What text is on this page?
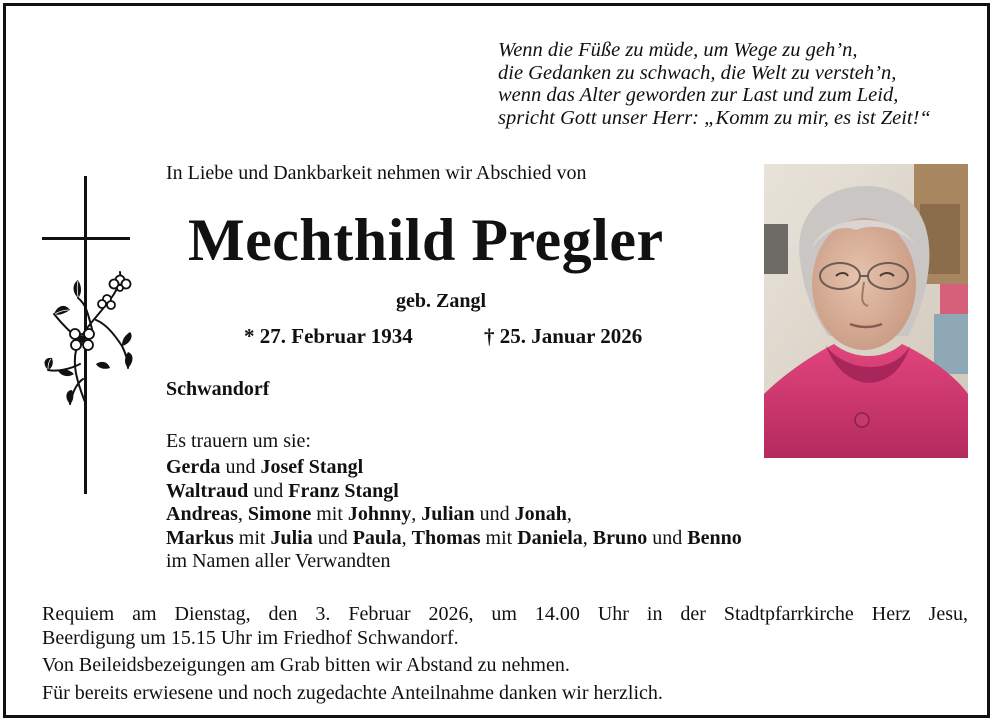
Wenn die Füße zu müde, um Wege zu geh’n,
die Gedanken zu schwach, die Welt zu versteh’n,
wenn das Alter geworden zur Last und zum Leid,
spricht Gott unser Herr: „Komm zu mir, es ist Zeit!“
In Liebe und Dankbarkeit nehmen wir Abschied von
Mechthild Pregler
geb. Zangl
* 27. Februar 1934	† 25. Januar 2026
Schwandorf
Es trauern um sie:
Gerda und Josef Stangl
Waltraud und Franz Stangl
Andreas, Simone mit Johnny, Julian und Jonah,
Markus mit Julia und Paula, Thomas mit Daniela, Bruno und Benno
im Namen aller Verwandten
Requiem am Dienstag, den 3. Februar 2026, um 14.00 Uhr in der Stadtpfarrkirche Herz Jesu,
Beerdigung um 15.15 Uhr im Friedhof Schwandorf.
Von Beileidsbezeigungen am Grab bitten wir Abstand zu nehmen.
Für bereits erwiesene und noch zugedachte Anteilnahme danken wir herzlich.
